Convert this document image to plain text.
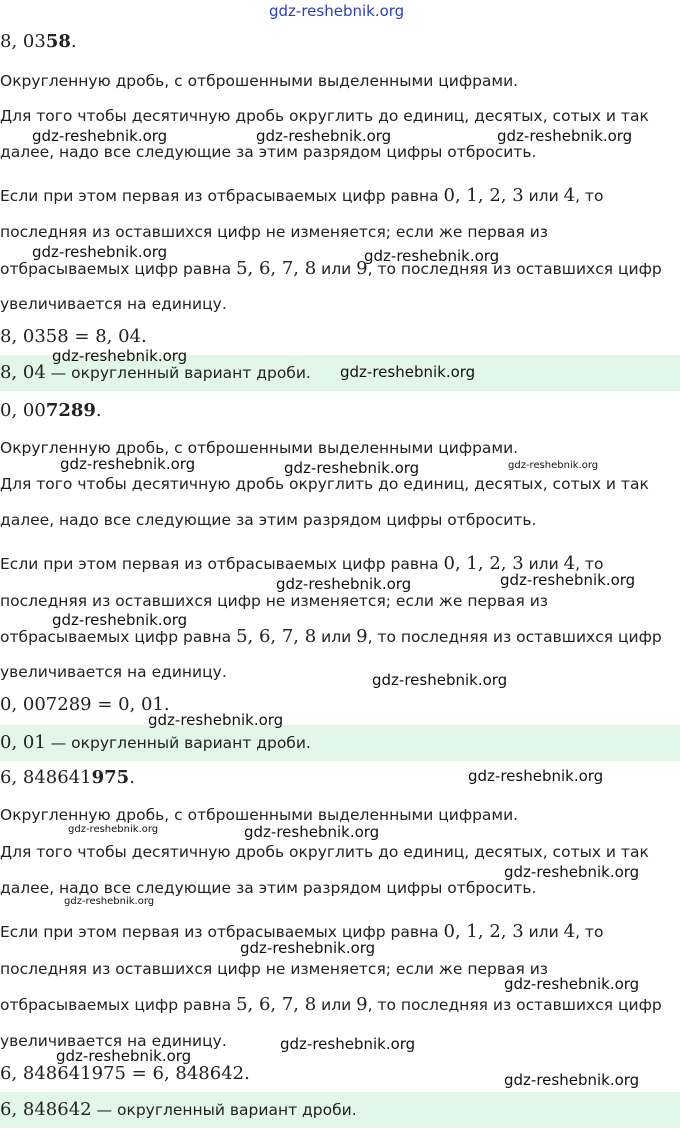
gdz-reshebnik.org
8, 0358.
Округленную дробь, с отброшенными выделенными цифрами.
Для того чтобы десятичную дробь округлить до единиц, десятых, сотых и так
далее, надо все следующие за этим разрядом цифры отбросить.
Если при этом первая из отбрасываемых цифр равна 0, 1, 2, 3 или 4, то
последняя из оставшихся цифр не изменяется; если же первая из
отбрасываемых цифр равна 5, 6, 7, 8 или 9, то последняя из оставшихся цифр
увеличивается на единицу.
8, 0358 = 8, 04.
8, 04 — округленный вариант дроби.
0, 007289.
Округленную дробь, с отброшенными выделенными цифрами.
Для того чтобы десятичную дробь округлить до единиц, десятых, сотых и так
далее, надо все следующие за этим разрядом цифры отбросить.
Если при этом первая из отбрасываемых цифр равна 0, 1, 2, 3 или 4, то
последняя из оставшихся цифр не изменяется; если же первая из
отбрасываемых цифр равна 5, 6, 7, 8 или 9, то последняя из оставшихся цифр
увеличивается на единицу.
0, 007289 = 0, 01.
0, 01 — округленный вариант дроби.
6, 848641975.
Округленную дробь, с отброшенными выделенными цифрами.
Для того чтобы десятичную дробь округлить до единиц, десятых, сотых и так
далее, надо все следующие за этим разрядом цифры отбросить.
Если при этом первая из отбрасываемых цифр равна 0, 1, 2, 3 или 4, то
последняя из оставшихся цифр не изменяется; если же первая из
отбрасываемых цифр равна 5, 6, 7, 8 или 9, то последняя из оставшихся цифр
увеличивается на единицу.
6, 848641975 = 6, 848642.
6, 848642 — округленный вариант дроби.
gdz-reshebnik.org	gdz-reshebnik.org	gdz-reshebnik.org
gdz-reshebnik.org	gdz-reshebnik.org
gdz-reshebnik.org
gdz-reshebnik.org
gdz-reshebnik.org	gdz-reshebnik.org	gdz-reshebnik.org
gdz-reshebnik.org	gdz-reshebnik.org
gdz-reshebnik.org
gdz-reshebnik.org
gdz-reshebnik.org
gdz-reshebnik.org
gdz-reshebnik.org	gdz-reshebnik.org
gdz-reshebnik.org
gdz-reshebnik.org
gdz-reshebnik.org
gdz-reshebnik.org
gdz-reshebnik.org
gdz-reshebnik.org
gdz-reshebnik.org
